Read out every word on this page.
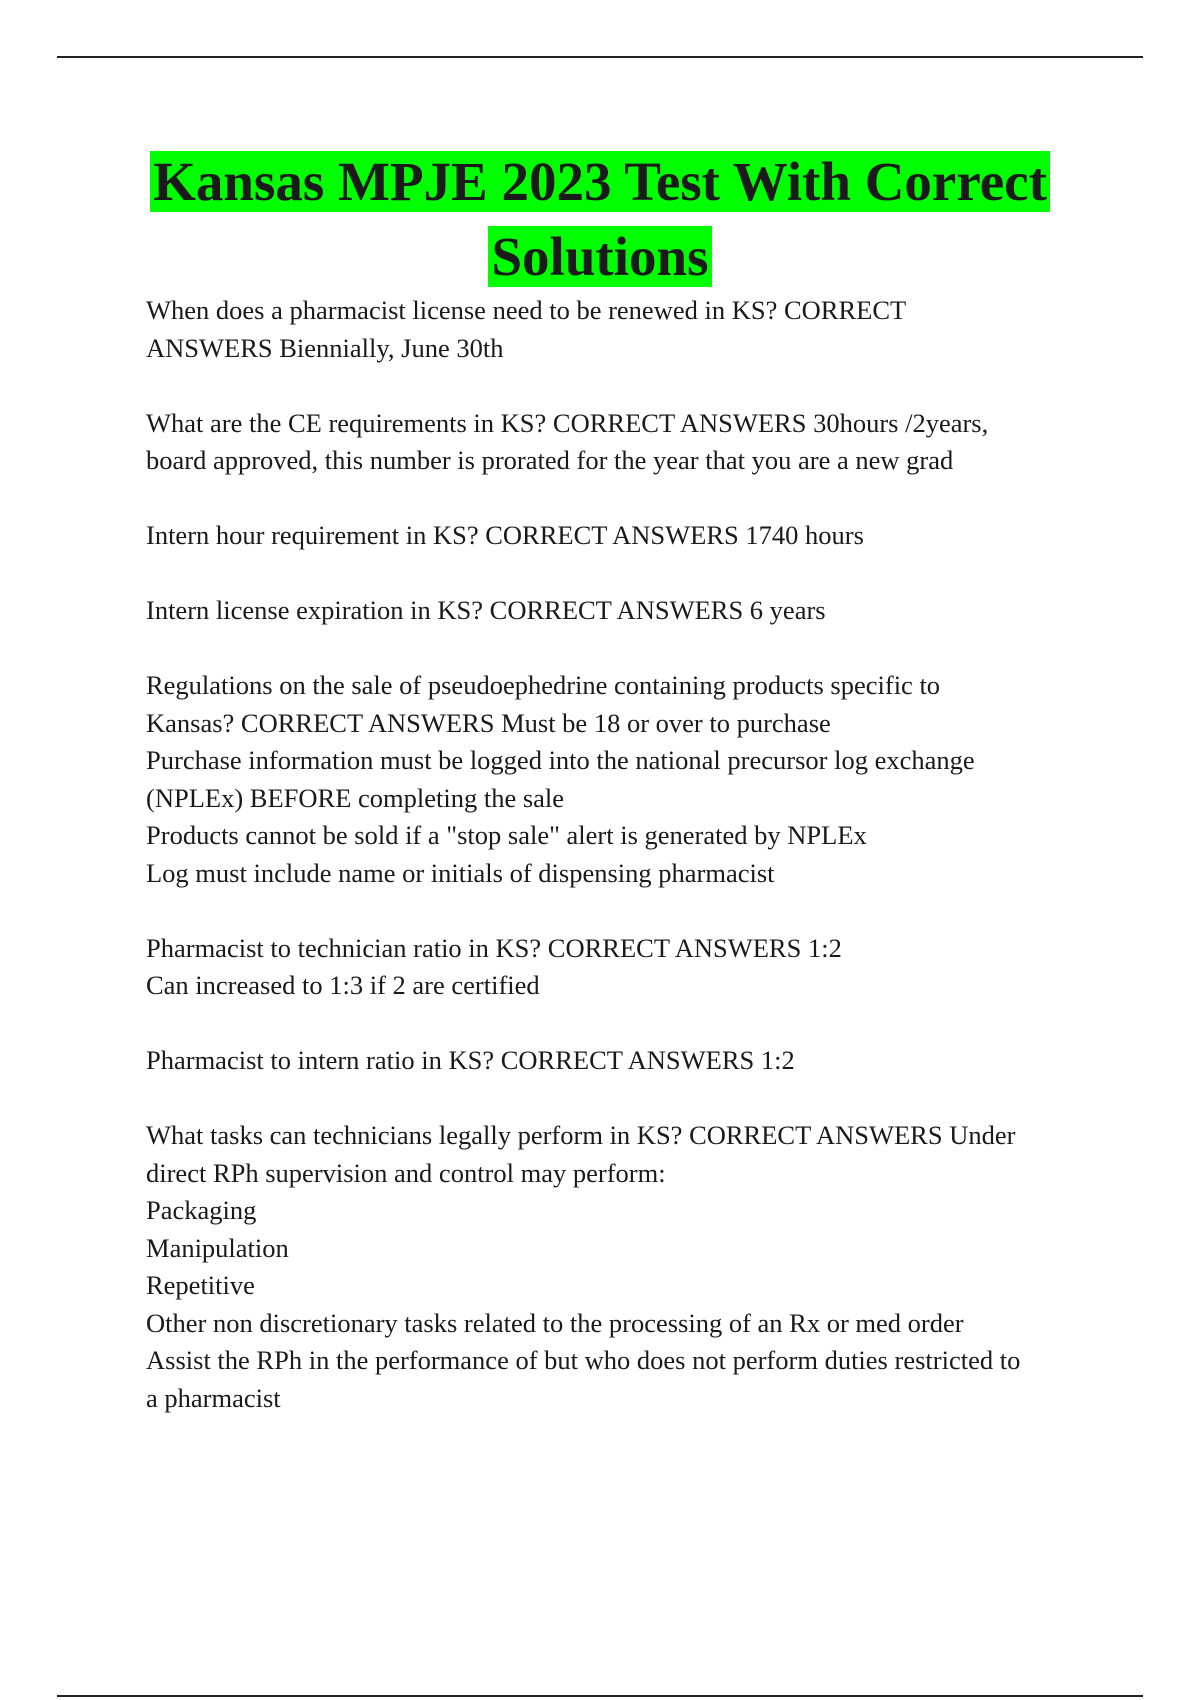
Kansas MPJE 2023 Test With Correct
Solutions
When does a pharmacist license need to be renewed in KS? CORRECT
ANSWERS Biennially, June 30th
What are the CE requirements in KS? CORRECT ANSWERS 30hours /2years,
board approved, this number is prorated for the year that you are a new grad
Intern hour requirement in KS? CORRECT ANSWERS 1740 hours
Intern license expiration in KS? CORRECT ANSWERS 6 years
Regulations on the sale of pseudoephedrine containing products specific to
Kansas? CORRECT ANSWERS Must be 18 or over to purchase
Purchase information must be logged into the national precursor log exchange
(NPLEx) BEFORE completing the sale
Products cannot be sold if a "stop sale" alert is generated by NPLEx
Log must include name or initials of dispensing pharmacist
Pharmacist to technician ratio in KS? CORRECT ANSWERS 1:2
Can increased to 1:3 if 2 are certified
Pharmacist to intern ratio in KS? CORRECT ANSWERS 1:2
What tasks can technicians legally perform in KS? CORRECT ANSWERS Under
direct RPh supervision and control may perform:
Packaging
Manipulation
Repetitive
Other non discretionary tasks related to the processing of an Rx or med order
Assist the RPh in the performance of but who does not perform duties restricted to
a pharmacist
